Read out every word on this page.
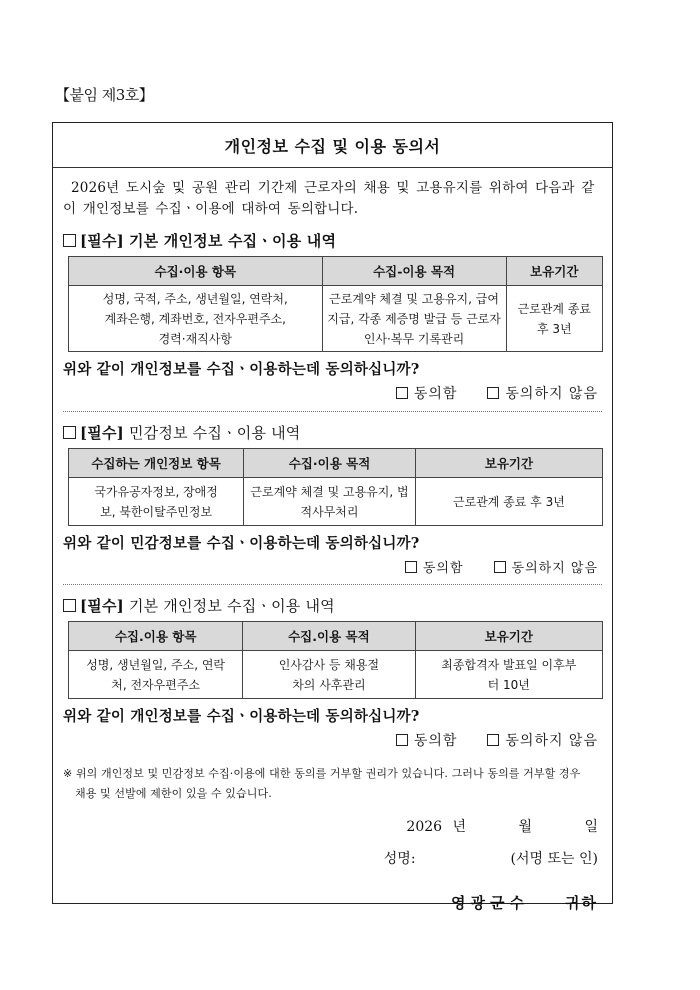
【붙임 제3호】
개인정보 수집 및 이용 동의서
2026년 도시숲 및 공원 관리 기간제 근로자의 채용 및 고용유지를 위하여 다음과 같이 개인정보를 수집ㆍ이용에 대하여 동의합니다.
[필수]
기본 개인정보 수집ㆍ이용 내역
수집·이용 항목	수집-이용 목적	보유기간
성명, 국적, 주소, 생년월일, 연락처, 계좌은행, 계좌번호, 전자우편주소, 경력·재직사항	근로계약 체결 및 고용유지, 급여지급, 각종 제증명 발급 등 근로자 인사·복무 기록관리	근로관계 종료 후 3년
위와 같이 개인정보를 수집ㆍ이용하는데 동의하십니까?
동의함	동의하지 않음
[필수]
민감정보 수집ㆍ이용 내역
수집하는 개인정보 항목	수집·이용 목적	보유기간
국가유공자정보, 장애정보, 북한이탈주민정보	근로계약 체결 및 고용유지, 법적사무처리	근로관계 종료 후 3년
위와 같이 민감정보를 수집ㆍ이용하는데 동의하십니까?
동의함	동의하지 않음
[필수]
기본 개인정보 수집ㆍ이용 내역
수집.이용 항목	수집.이용 목적	보유기간
성명, 생년월일, 주소, 연락처, 전자우편주소	인사감사 등 채용절차의 사후관리	최종합격자 발표일 이후부터 10년
위와 같이 개인정보를 수집ㆍ이용하는데 동의하십니까?
동의함	동의하지 않음
※ 위의 개인정보 및 민감정보 수집·이용에 대한 동의를 거부할 권리가 있습니다. 그러나 동의를 거부할 경우
채용 및 선발에 제한이 있을 수 있습니다.
2026 년	월	일
성명:	(서명 또는 인)
영광군수 귀하
